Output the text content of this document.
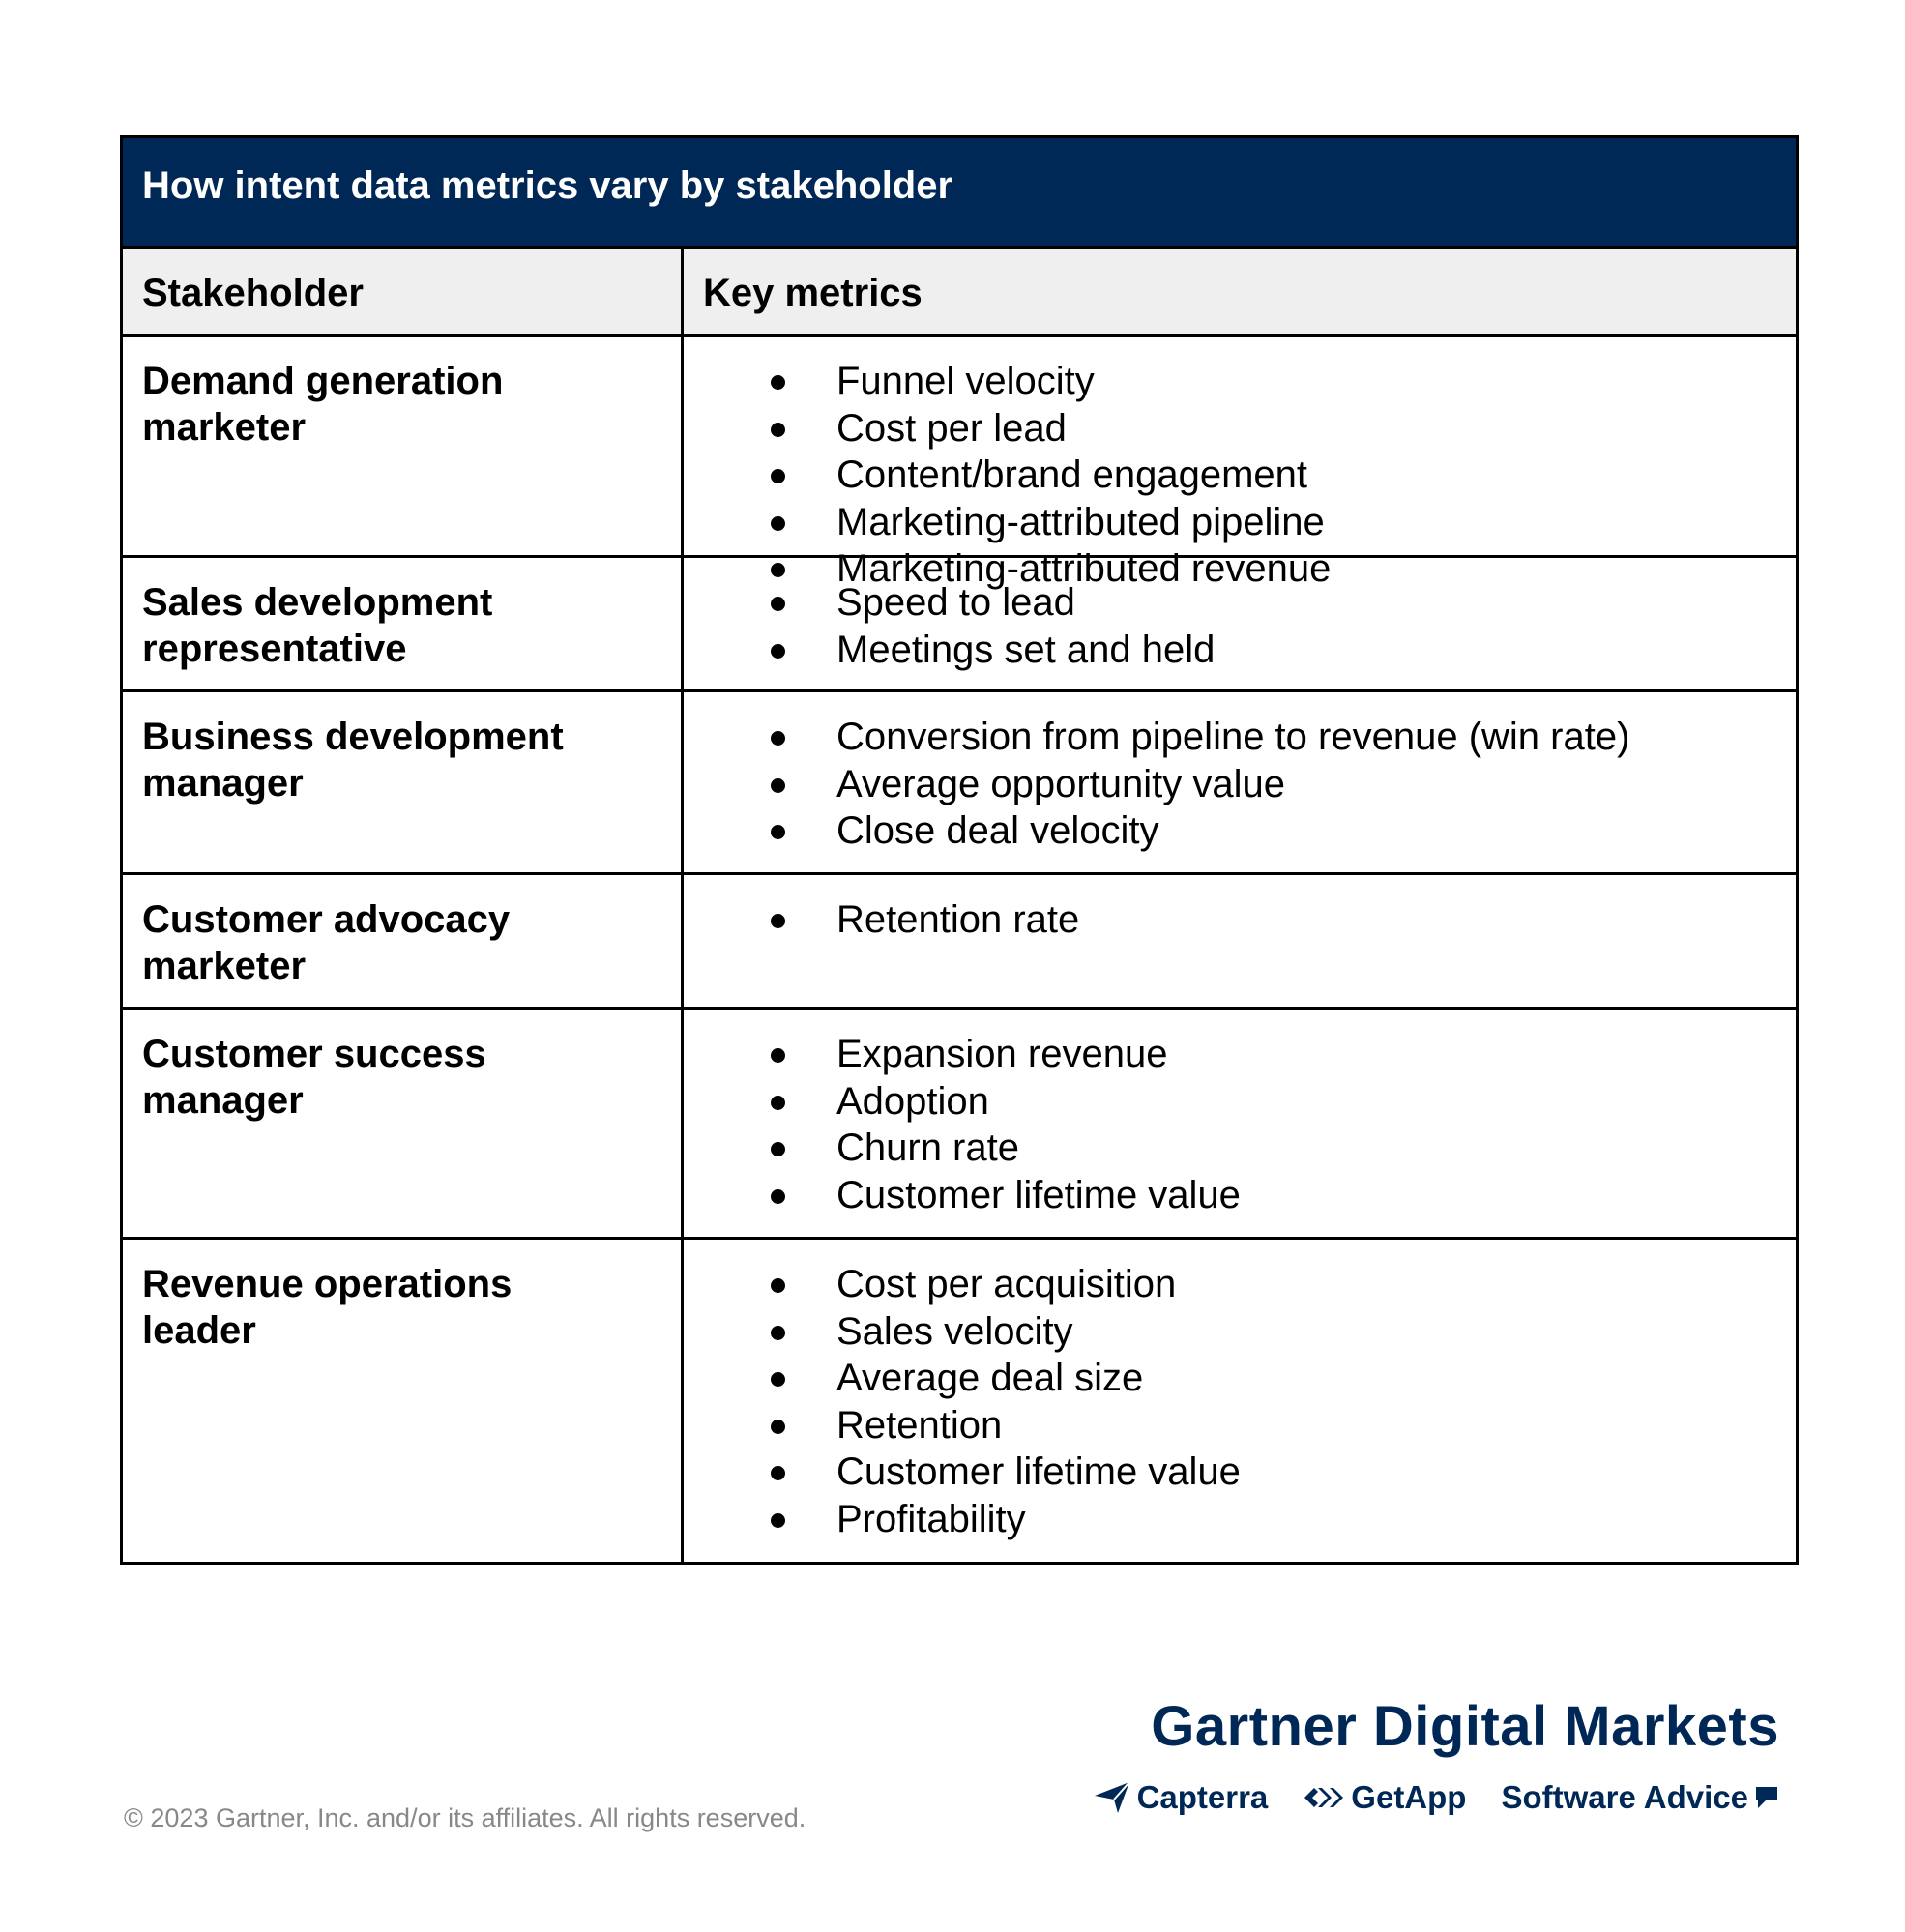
How intent data metrics vary by stakeholder
Stakeholder	Key metrics
Demand generation
marketer
Funnel velocity
Cost per lead
Content/brand engagement
Marketing-attributed pipeline
Marketing-attributed revenue
Sales development
representative
Speed to lead
Meetings set and held
Business development
manager
Conversion from pipeline to revenue (win rate)
Average opportunity value
Close deal velocity
Customer advocacy
marketer
Retention rate
Customer success
manager
Expansion revenue
Adoption
Churn rate
Customer lifetime value
Revenue operations
leader
Cost per acquisition
Sales velocity
Average deal size
Retention
Customer lifetime value
Profitability
Gartner Digital Markets
Capterra	GetApp Software Advice
© 2023 Gartner, Inc. and/or its affiliates. All rights reserved.
